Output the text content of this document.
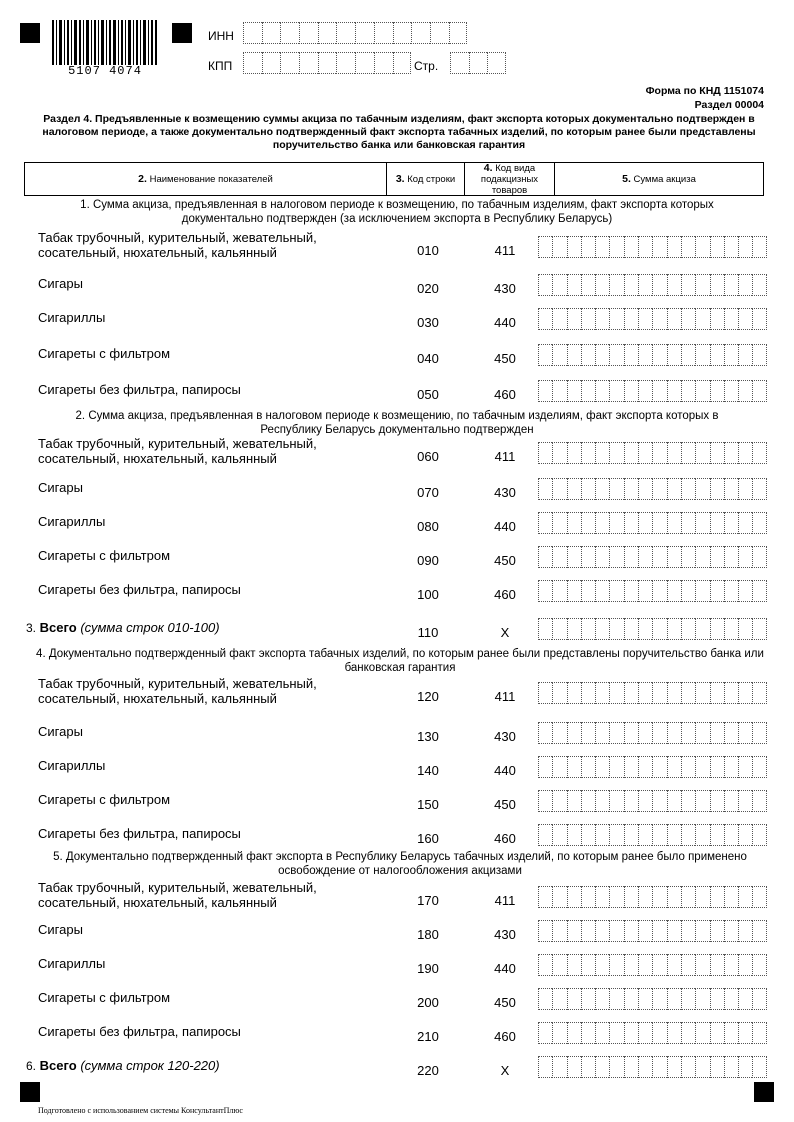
5107 4074
ИНН
КПП	Стр.
Форма по КНД 1151074
Раздел 00004
Раздел 4. Предъявленные к возмещению суммы акциза по табачным изделиям, факт экспорта которых документально подтвержден в налоговом периоде, а также документально подтвержденный факт экспорта табачных изделий, по которым ранее были представлены поручительство банка или банковская гарантия
2. Наименование показателей	3. Код строки
4. Код вида подакцизных товаров
5. Сумма акциза
1. Сумма акциза, предъявленная в налоговом периоде к возмещению, по табачным изделиям, факт экспорта которых документально подтвержден (за исключением экспорта в Республику Беларусь)
2. Сумма акциза, предъявленная в налоговом периоде к возмещению, по табачным изделиям, факт экспорта которых в Республику Беларусь документально подтвержден
4. Документально подтвержденный факт экспорта табачных изделий, по которым ранее были представлены поручительство банка или банковская гарантия
5. Документально подтвержденный факт экспорта в Республику Беларусь табачных изделий, по которым ранее было применено освобождение от налогообложения акцизами
Табак трубочный, курительный, жевательный, сосательный, нюхательный, кальянный	010	411
Сигары	020	430
Сигариллы	030	440
Сигареты с фильтром	040	450
Сигареты без фильтра, папиросы	050	460
Табак трубочный, курительный, жевательный, сосательный, нюхательный, кальянный	060	411
Сигары	070	430
Сигариллы	080	440
Сигареты с фильтром	090	450
Сигареты без фильтра, папиросы	100	460
3. Всего (сумма строк 010-100)	110	X
Табак трубочный, курительный, жевательный, сосательный, нюхательный, кальянный	120	411
Сигары	130	430
Сигариллы	140	440
Сигареты с фильтром	150	450
Сигареты без фильтра, папиросы	160	460
Табак трубочный, курительный, жевательный, сосательный, нюхательный, кальянный	170	411
Сигары	180	430
Сигариллы	190	440
Сигареты с фильтром	200	450
Сигареты без фильтра, папиросы	210	460
6. Всего (сумма строк 120-220)	220	X
Подготовлено с использованием системы КонсультантПлюс
